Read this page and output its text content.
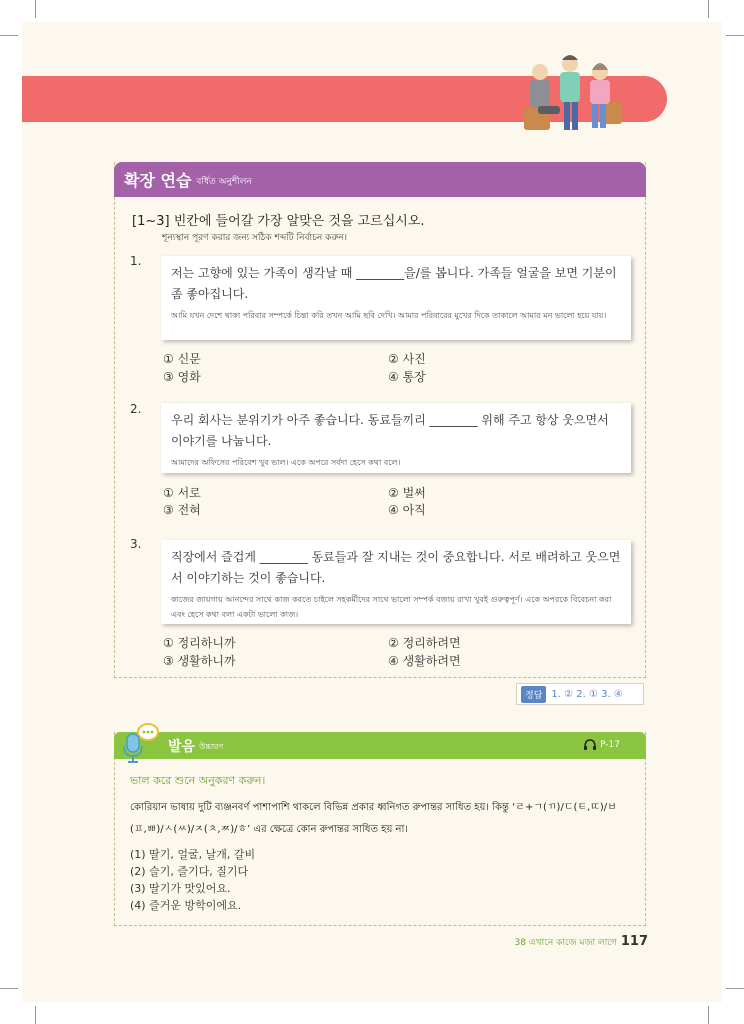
확장 연습 বর্ধিত অনুশীলন
[1~3] 빈칸에 들어갈 가장 알맞은 것을 고르십시오.
শূন্যস্থান পূরণ করার জন্য সঠিক শব্দটি নির্বাচন করুন।
1.
저는 고향에 있는 가족이 생각날 때 ________을/를 봅니다. 가족들 얼굴을 보면 기분이 좀 좋아집니다.
আমি যখন দেশে থাকা পরিবার সম্পর্কে চিন্তা করি তখন আমি ছবি দেখি। আমার পরিবারের মুখের দিকে তাকালে আমার মন ভালো হয়ে যায়।
① 신문	② 사진
③ 영화	④ 통장
2.
우리 회사는 분위기가 아주 좋습니다. 동료들끼리 ________ 위해 주고 항상 웃으면서 이야기를 나눕니다.
আমাদের অফিসের পরিবেশ খুব ভাল। একে অপরে সর্বদা হেসে কথা বলে।
① 서로	② 벌써
③ 전혀	④ 아직
3.
직장에서 즐겁게 ________ 동료들과 잘 지내는 것이 중요합니다. 서로 배려하고 웃으면서 이야기하는 것이 좋습니다.
কাজের জায়গায় আনন্দের সাথে কাজ করতে চাইলে সহকর্মীদের সাথে ভালো সম্পর্ক বজায় রাখা খুবই গুরুত্বপূর্ণ। একে অপরকে বিবেচনা করা এবং হেসে কথা বলা একটা ভালো কাজ।
① 정리하니까	② 정리하려면
③ 생활하니까	④ 생활하려면
정답 1. ② 2. ① 3. ④
발음 উচ্চারণ	P-17
ভাল করে শুনে অনুকরণ করুন।
কোরিয়ান ভাষায় দুটি ব্যঞ্জনবর্ণ পাশাপাশি থাকলে বিভিন্ন প্রকার ধ্বনিগত রুপান্তর সাধিত হয়। কিন্তু ‘ㄹ+ㄱ(ㄲ)/ㄷ(ㅌ,ㄸ)/ㅂ(ㅍ,ㅃ)/ㅅ(ㅆ)/ㅈ(ㅊ,ㅉ)/ㅎ’ এর ক্ষেত্রে কোন রুপান্তর সাধিত হয় না।
(1) 딸기, 얼굴, 날개, 갈비
(2) 슬기, 즐기다, 질기다
(3) 딸기가 맛있어요.
(4) 즐거운 방학이에요.
38 এখানে কাজে মজা লাগে 117
